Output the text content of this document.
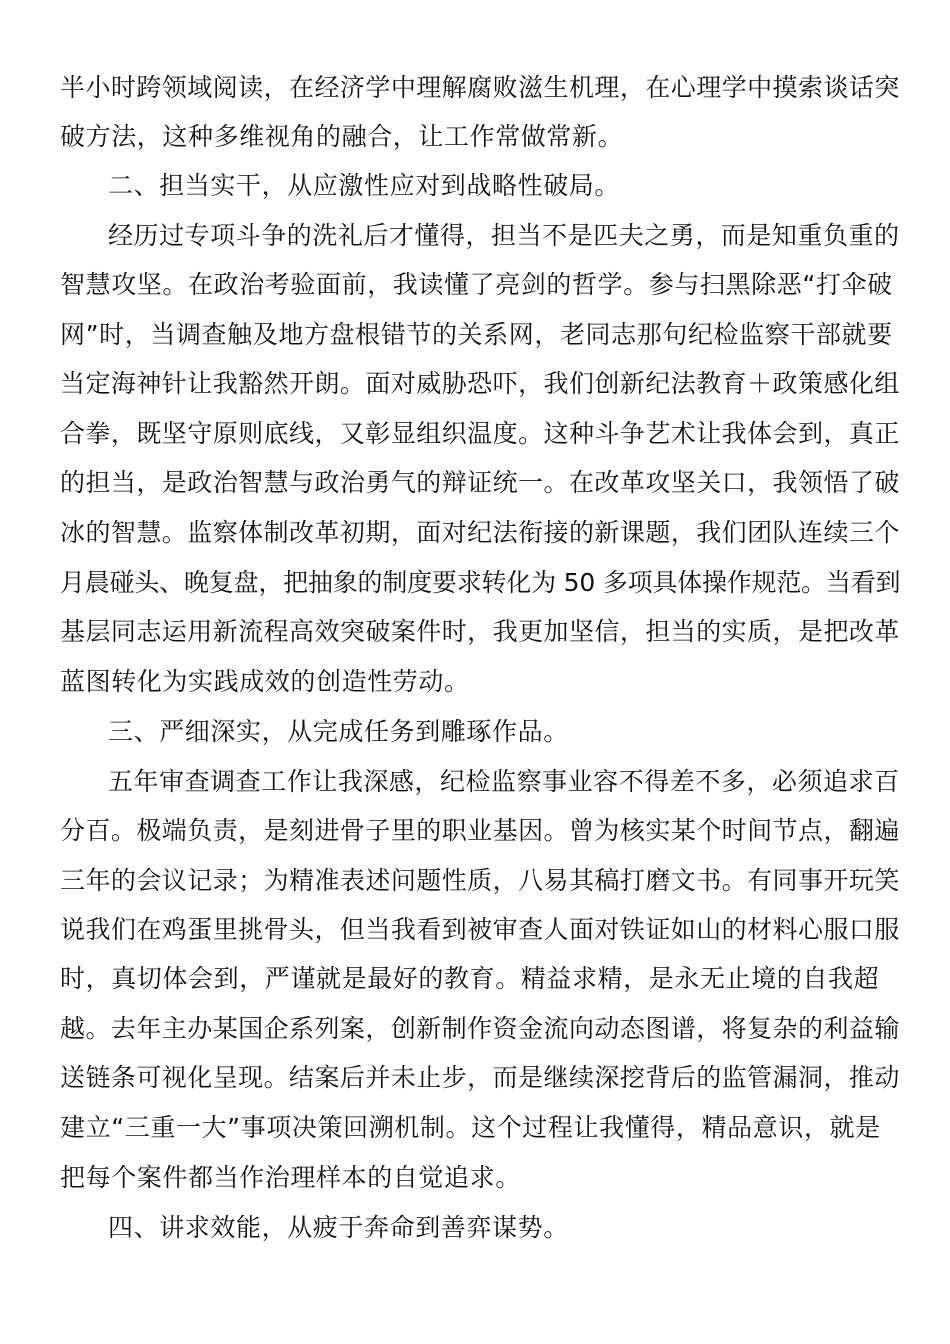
半小时跨领域阅读，在经济学中理解腐败滋生机理，在心理学中摸索谈话突
破方法，这种多维视角的融合，让工作常做常新。
二、担当实干，从应激性应对到战略性破局。
经历过专项斗争的洗礼后才懂得，担当不是匹夫之勇，而是知重负重的
智慧攻坚。在政治考验面前，我读懂了亮剑的哲学。参与扫黑除恶“打伞破
网”时，当调查触及地方盘根错节的关系网，老同志那句纪检监察干部就要
当定海神针让我豁然开朗。面对威胁恐吓，我们创新纪法教育＋政策感化组
合拳，既坚守原则底线，又彰显组织温度。这种斗争艺术让我体会到，真正
的担当，是政治智慧与政治勇气的辩证统一。在改革攻坚关口，我领悟了破
冰的智慧。监察体制改革初期，面对纪法衔接的新课题，我们团队连续三个
月晨碰头、晚复盘，把抽象的制度要求转化为 50 多项具体操作规范。当看到
基层同志运用新流程高效突破案件时，我更加坚信，担当的实质，是把改革
蓝图转化为实践成效的创造性劳动。
三、严细深实，从完成任务到雕琢作品。
五年审查调查工作让我深感，纪检监察事业容不得差不多，必须追求百
分百。极端负责，是刻进骨子里的职业基因。曾为核实某个时间节点，翻遍
三年的会议记录；为精准表述问题性质，八易其稿打磨文书。有同事开玩笑
说我们在鸡蛋里挑骨头，但当我看到被审查人面对铁证如山的材料心服口服
时，真切体会到，严谨就是最好的教育。精益求精，是永无止境的自我超
越。去年主办某国企系列案，创新制作资金流向动态图谱，将复杂的利益输
送链条可视化呈现。结案后并未止步，而是继续深挖背后的监管漏洞，推动
建立“三重一大”事项决策回溯机制。这个过程让我懂得，精品意识，就是
把每个案件都当作治理样本的自觉追求。
四、讲求效能，从疲于奔命到善弈谋势。
